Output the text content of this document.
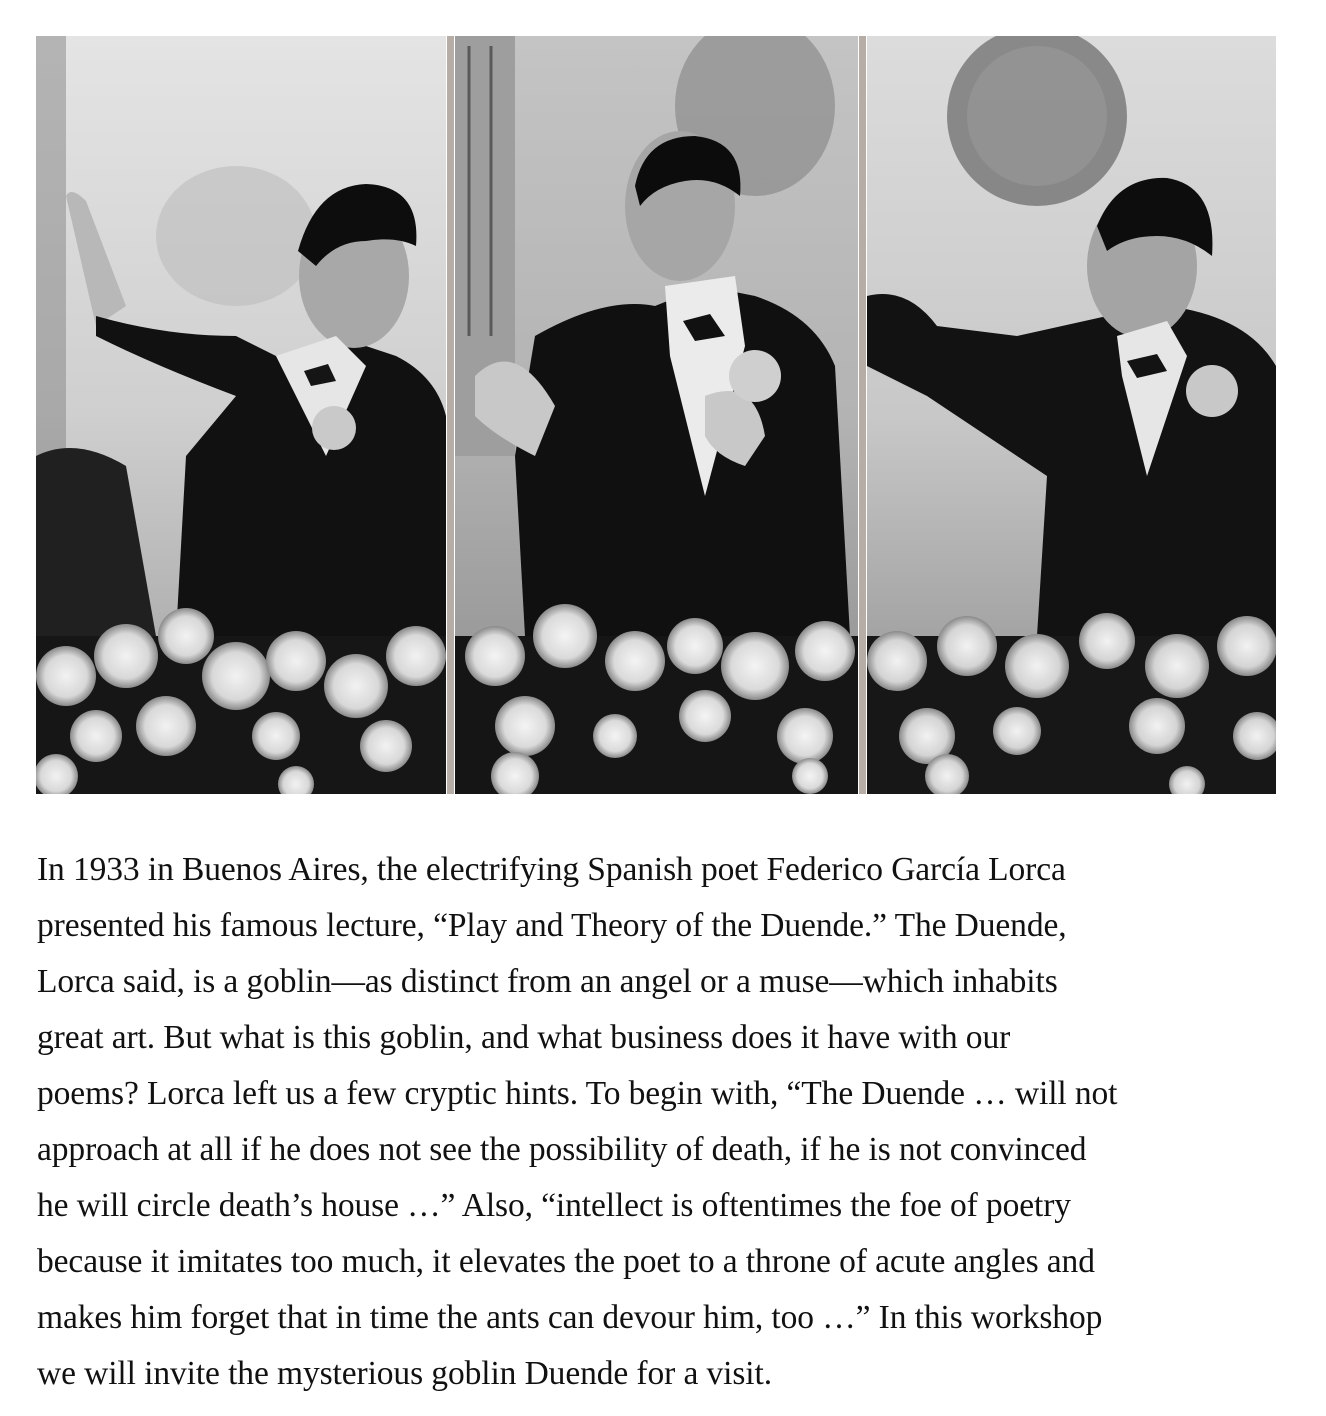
In 1933 in Buenos Aires, the electrifying Spanish poet Federico García Lorca
presented his famous lecture, “Play and Theory of the Duende.” The Duende,
Lorca said, is a goblin—as distinct from an angel or a muse—which inhabits
great art. But what is this goblin, and what business does it have with our
poems? Lorca left us a few cryptic hints. To begin with, “The Duende … will not
approach at all if he does not see the possibility of death, if he is not convinced
he will circle death’s house …” Also, “intellect is oftentimes the foe of poetry
because it imitates too much, it elevates the poet to a throne of acute angles and
makes him forget that in time the ants can devour him, too …” In this workshop
we will invite the mysterious goblin Duende for a visit.
